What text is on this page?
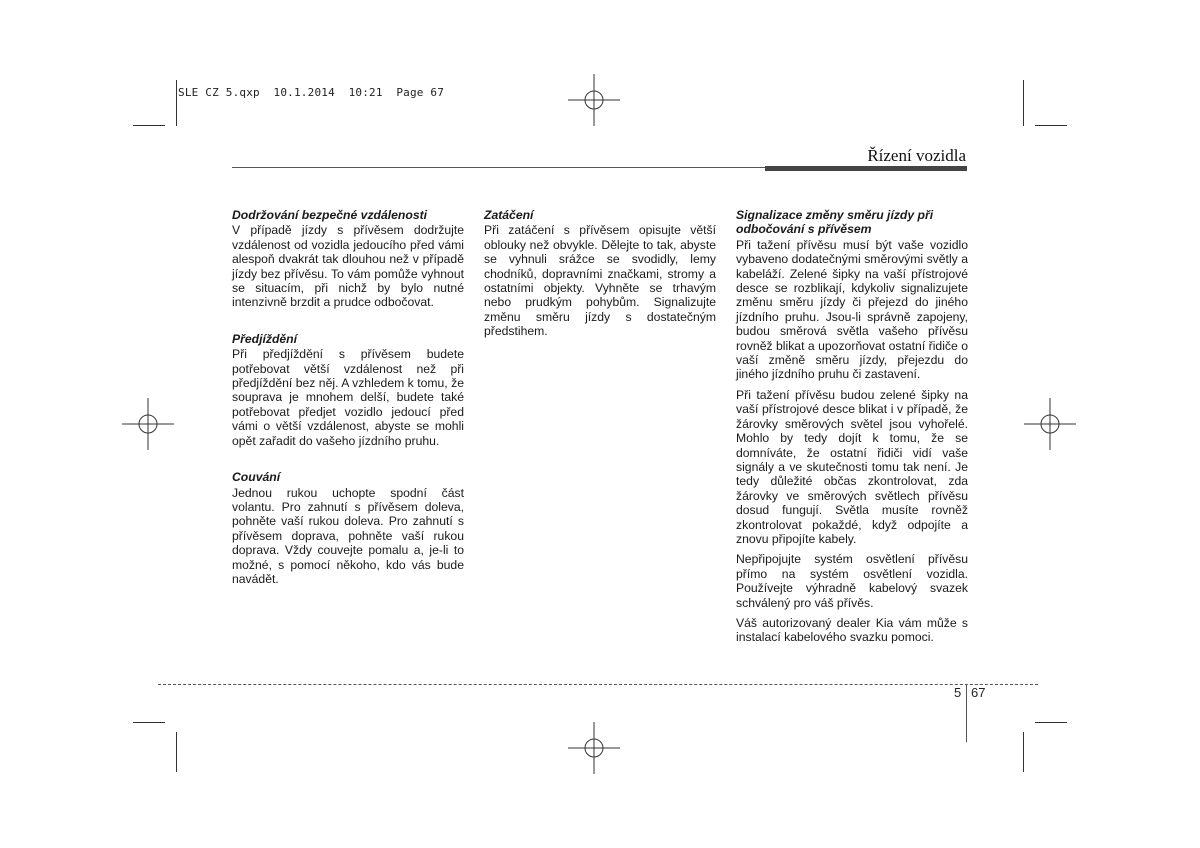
SLE CZ 5.qxp  10.1.2014  10:21  Page 67
Řízení vozidla

Dodržování bezpečné vzdálenosti

V případě jízdy s přívěsem dodržujte vzdálenost od vozidla jedoucího před vámi alespoň dvakrát tak dlouhou než v případě jízdy bez přívěsu. To vám pomůže vyhnout se situacím, při nichž by bylo nutné intenzivně brzdit a prudce odbočovat.

Předjíždění

Při předjíždění s přívěsem budete potřebovat větší vzdálenost než při předjíždění bez něj. A vzhledem k tomu, že souprava je mnohem delší, budete také potřebovat předjet vozidlo jedoucí před vámi o větší vzdálenost, abyste se mohli opět zařadit do vašeho jízdního pruhu.

Couvání

Jednou rukou uchopte spodní část volantu. Pro zahnutí s přívěsem doleva, pohněte vaší rukou doleva. Pro zahnutí s přívěsem doprava, pohněte vaší rukou doprava. Vždy couvejte pomalu a, je-li to možné, s pomocí někoho, kdo vás bude navádět.

Zatáčení

Při zatáčení s přívěsem opisujte větší oblouky než obvykle. Dělejte to tak, abyste se vyhnuli srážce se svodidly, lemy chodníků, dopravními značkami, stromy a ostatními objekty. Vyhněte se trhavým nebo prudkým pohybům. Signalizujte změnu směru jízdy s dostatečným předstihem.

Signalizace změny směru jízdy při odbočování s přívěsem

Při tažení přívěsu musí být vaše vozidlo vybaveno dodatečnými směrovými světly a kabeláží. Zelené šipky na vaší přístrojové desce se rozblikají, kdykoliv signalizujete změnu směru jízdy či přejezd do jiného jízdního pruhu. Jsou-li správně zapojeny, budou směrová světla vašeho přívěsu rovněž blikat a upozorňovat ostatní řidiče o vaší změně směru jízdy, přejezdu do jiného jízdního pruhu či zastavení.

Při tažení přívěsu budou zelené šipky na vaší přístrojové desce blikat i v případě, že žárovky směrových světel jsou vyhořelé. Mohlo by tedy dojít k tomu, že se domníváte, že ostatní řidiči vidí vaše signály a ve skutečnosti tomu tak není. Je tedy důležité občas zkontrolovat, zda žárovky ve směrových světlech přívěsu dosud fungují. Světla musíte rovněž zkontrolovat pokaždé, když odpojíte a znovu připojíte kabely.

Nepřipojujte systém osvětlení přívěsu přímo na systém osvětlení vozidla. Používejte výhradně kabelový svazek schválený pro váš přívěs.

Váš autorizovaný dealer Kia vám může s instalací kabelového svazku pomoci.

5 67
